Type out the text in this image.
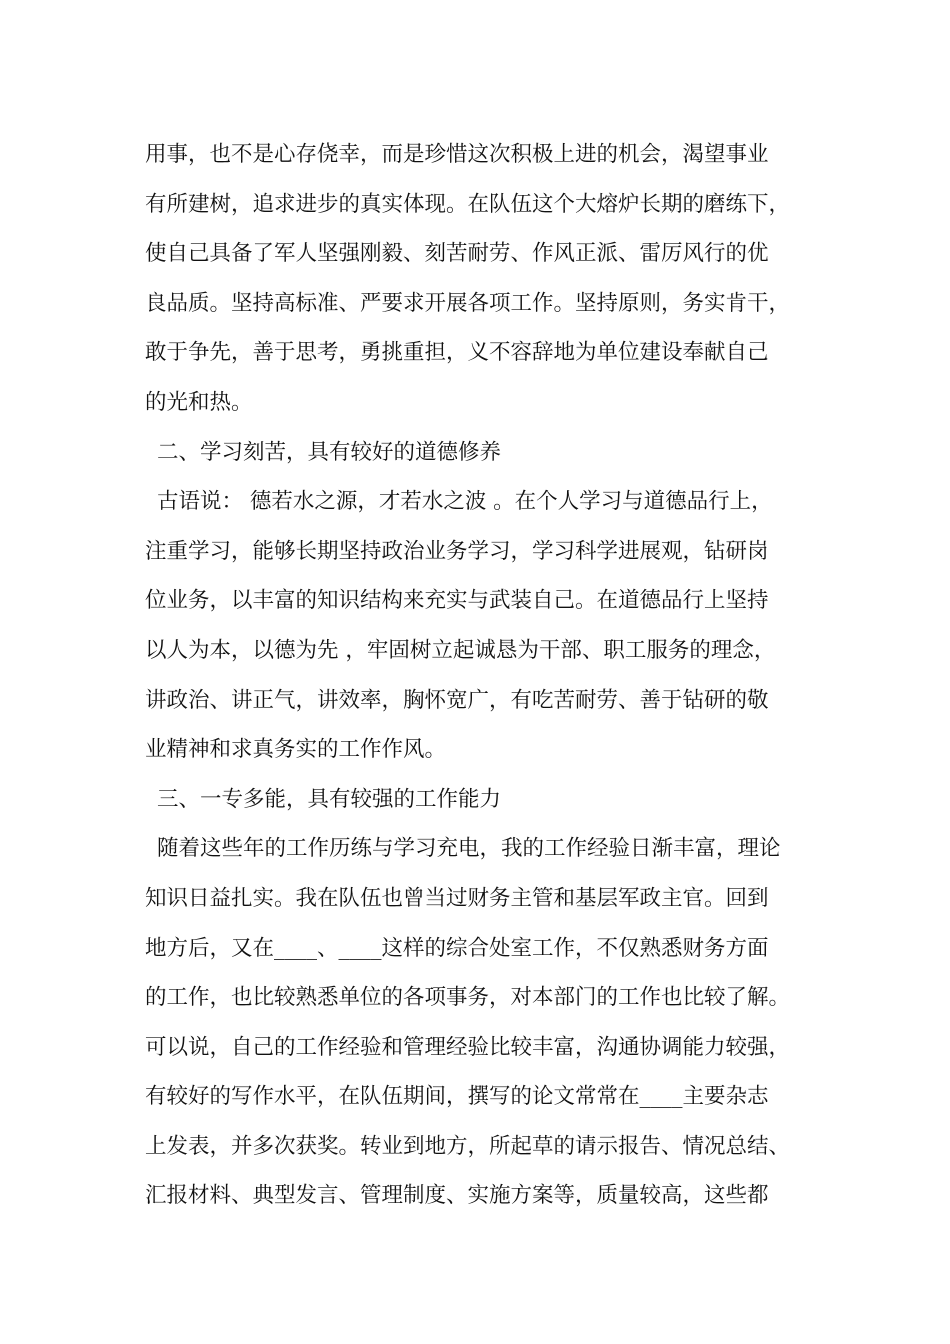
用事，也不是心存侥幸，而是珍惜这次积极上进的机会，渴望事业
有所建树，追求进步的真实体现。在队伍这个大熔炉长期的磨练下，
使自己具备了军人坚强刚毅、刻苦耐劳、作风正派、雷厉风行的优
良品质。坚持高标准、严要求开展各项工作。坚持原则，务实肯干，
敢于争先，善于思考，勇挑重担，义不容辞地为单位建设奉献自己
的光和热。
二、学习刻苦，具有较好的道德修养
古语说： 德若水之源，才若水之波 。在个人学习与道德品行上，
注重学习，能够长期坚持政治业务学习，学习科学进展观，钻研岗
位业务，以丰富的知识结构来充实与武装自己。在道德品行上坚持
以人为本，以德为先 ，牢固树立起诚恳为干部、职工服务的理念，
讲政治、讲正气，讲效率，胸怀宽广，有吃苦耐劳、善于钻研的敬
业精神和求真务实的工作作风。
三、一专多能，具有较强的工作能力
随着这些年的工作历练与学习充电，我的工作经验日渐丰富，理论
知识日益扎实。我在队伍也曾当过财务主管和基层军政主官。回到
地方后，又在____、____这样的综合处室工作，不仅熟悉财务方面
的工作，也比较熟悉单位的各项事务，对本部门的工作也比较了解。
可以说，自己的工作经验和管理经验比较丰富，沟通协调能力较强，
有较好的写作水平，在队伍期间，撰写的论文常常在____主要杂志
上发表，并多次获奖。转业到地方，所起草的请示报告、情况总结、
汇报材料、典型发言、管理制度、实施方案等，质量较高，这些都
